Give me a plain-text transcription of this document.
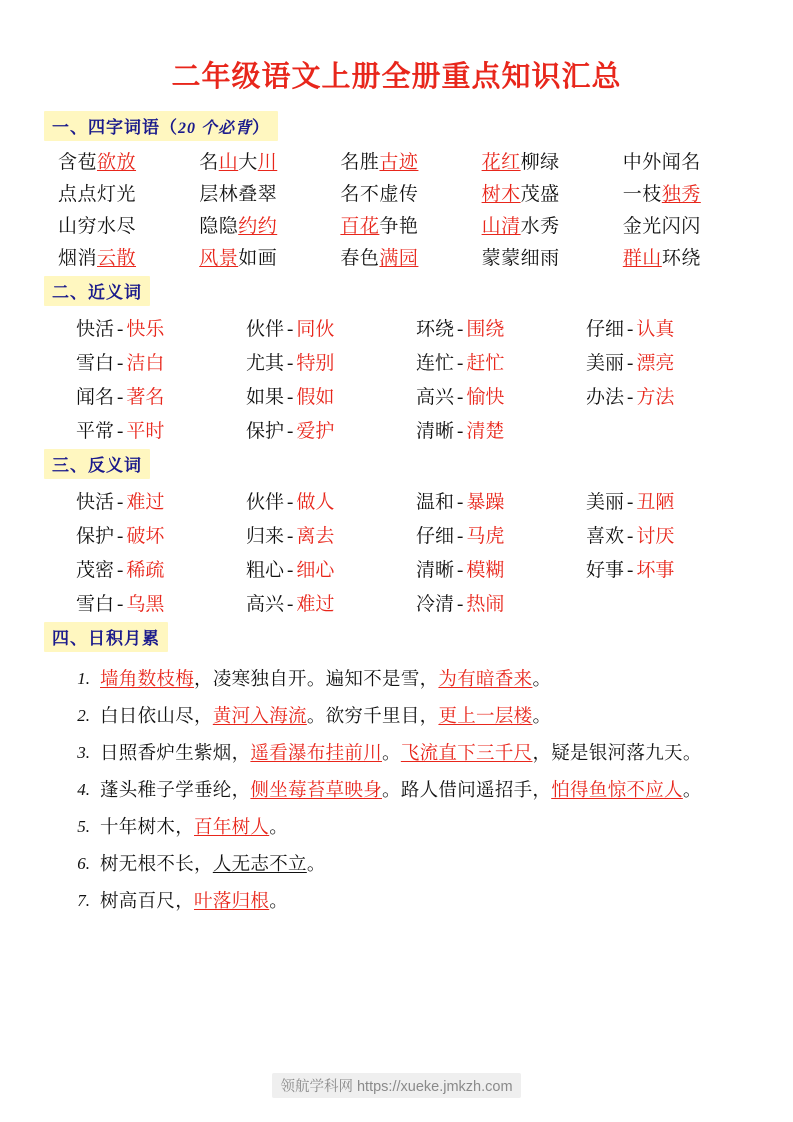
二年级语文上册全册重点知识汇总
一、四字词语（20 个必背）
含苞欲放	名山大川	名胜古迹	花红柳绿	中外闻名
点点灯光	层林叠翠	名不虚传	树木茂盛	一枝独秀
山穷水尽	隐隐约约	百花争艳	山清水秀	金光闪闪
烟消云散	风景如画	春色满园	蒙蒙细雨	群山环绕
二、近义词
快活 - 快乐	伙伴 - 同伙	环绕 - 围绕	仔细 - 认真
雪白 - 洁白	尤其 - 特别	连忙 - 赶忙	美丽 - 漂亮
闻名 - 著名	如果 - 假如	高兴 - 愉快	办法 - 方法
平常 - 平时	保护 - 爱护	清晰 - 清楚

三、反义词
快活 - 难过	伙伴 - 做人	温和 - 暴躁	美丽 - 丑陋
保护 - 破坏	归来 - 离去	仔细 - 马虎	喜欢 - 讨厌
茂密 - 稀疏	粗心 - 细心	清晰 - 模糊	好事 - 坏事
雪白 - 乌黑	高兴 - 难过	冷清 - 热闹

四、日积月累
1. 墙角数枝梅，凌寒独自开。遍知不是雪，为有暗香来。
2. 白日依山尽，黄河入海流。欲穷千里目，更上一层楼。
3. 日照香炉生紫烟，遥看瀑布挂前川。飞流直下三千尺，疑是银河落九天。
4. 蓬头稚子学垂纶，侧坐莓苔草映身。路人借问遥招手，怕得鱼惊不应人。
5. 十年树木，百年树人。
6. 树无根不长，人无志不立。
7. 树高百尺，叶落归根。
领航学科网 https://xueke.jmkzh.com
